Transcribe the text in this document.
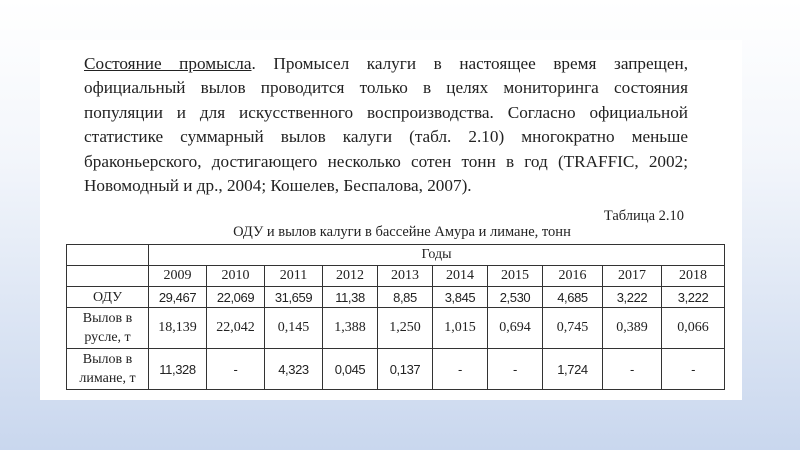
Состояние промысла. Промысел калуги в настоящее время запрещен, официальный вылов проводится только в целях мониторинга состояния популяции и для искусственного воспроизводства. Согласно официальной статистике суммарный вылов калуги (табл. 2.10) многократно меньше браконьерского, достигающего несколько сотен тонн в год (TRAFFIC, 2002; Новомодный и др., 2004; Кошелев, Беспалова, 2007).

Таблица 2.10
ОДУ и вылов калуги в бассейне Амура и лимане, тонн
	Годы									
	2009	2010	2011	2012	2013	2014	2015	2016	2017	2018
ОДУ	29,467	22,069	31,659	11,38	8,85	3,845	2,530	4,685	3,222	3,222
Вылов в руслe, т	18,139	22,042	0,145	1,388	1,250	1,015	0,694	0,745	0,389	0,066
Вылов в лимане, т	11,328	-	4,323	0,045	0,137	-	-	1,724	-	-
